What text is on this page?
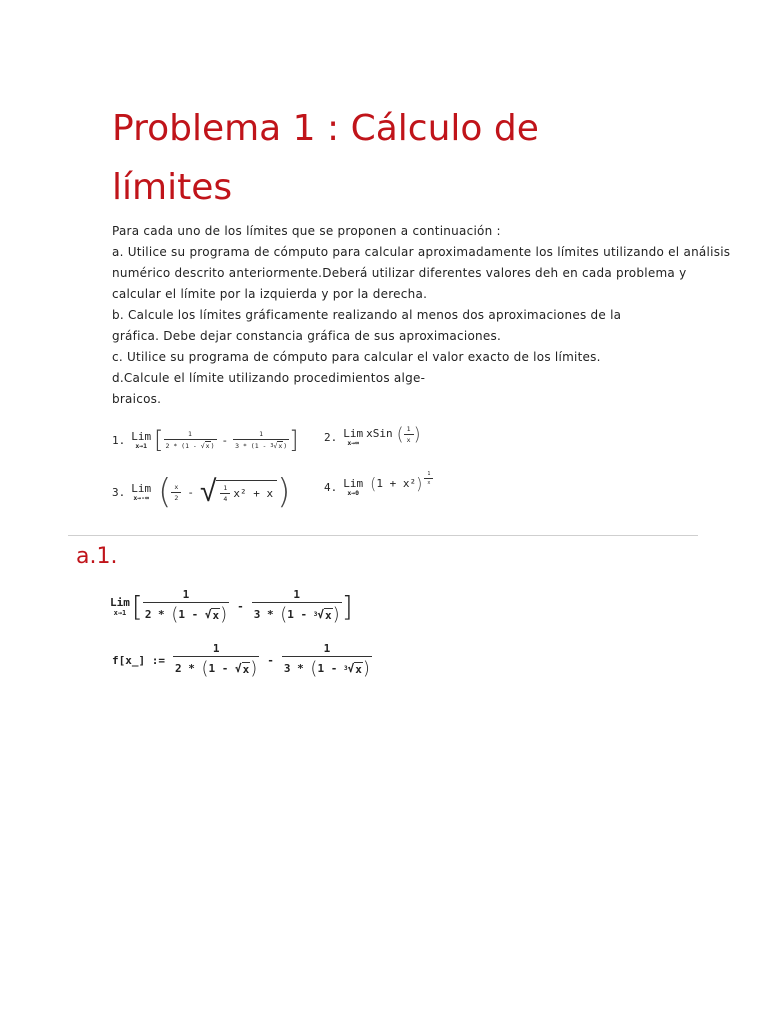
Problema 1 : Cálculo de
límites
Para cada uno de los límites que se proponen a continuación :
a. Utilice su programa de cómputo para calcular aproximadamente los límites utilizando el análisis
numérico descrito anteriormente.Deberá utilizar diferentes valores deh en cada problema y
calcular el límite por la izquierda y por la derecha.
b. Calcule los límites gráficamente realizando al menos dos aproximaciones de la
gráfica. Debe dejar constancia gráfica de sus aproximaciones.
c. Utilice su programa de cómputo para calcular el valor exacto de los límites.
d.Calcule el límite utilizando procedimientos alge-
braicos.
1. Lim
x→1 [ $\frac{1}{2 * ( 1 - √ x )} - 1$
3 * ( 1 -
3 √ x ) ] 2. Lim
x→∞
xSin ( $\frac{1}{x}$ )
3. Lim
x→-∞ ( $\frac{x}{2}$ - √ $\frac{1}{4} x^2 + x$ )	4. Lim
x→0 ( 1 + x² ) $\frac{1}{x}$
a.1.
Lim
x→1 [ 1
2 *
( 1 - √ x ) - 1
3 *
( 1 -
3 √ x ) ]
f[x_] := 1
2 *
( 1 - √ x ) - 1
3 *
( 1 -
3 √ x )
